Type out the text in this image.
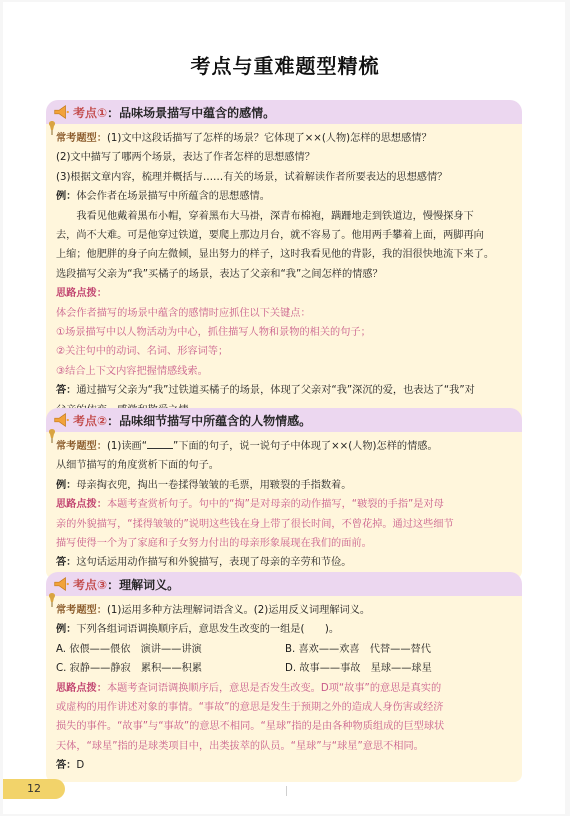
考点与重难题型精梳
考点①：品味场景描写中蕴含的感情。
常考题型：(1)文中这段话描写了怎样的场景？它体现了××(人物)怎样的思想感情？
(2)文中描写了哪两个场景，表达了作者怎样的思想感情？
(3)根据文章内容，梳理并概括与……有关的场景，试着解读作者所要表达的思想感情？
例：体会作者在场景描写中所蕴含的思想感情。
我看见他戴着黑布小帽，穿着黑布大马褂，深青布棉袍，蹒跚地走到铁道边，慢慢探身下
去，尚不大难。可是他穿过铁道，要爬上那边月台，就不容易了。他用两手攀着上面，两脚再向
上缩；他肥胖的身子向左微倾，显出努力的样子，这时我看见他的背影，我的泪很快地流下来了。
选段描写父亲为“我”买橘子的场景，表达了父亲和“我”之间怎样的情感？
思路点拨：
体会作者描写的场景中蕴含的感情时应抓住以下关键点：
①场景描写中以人物活动为中心，抓住描写人物和景物的相关的句子；
②关注句中的动词、名词、形容词等；
③结合上下文内容把握情感线索。
答：通过描写父亲为“我”过铁道买橘子的场景，体现了父亲对“我”深沉的爱，也表达了“我”对
考点②：品味细节描写中所蕴含的人物情感。
常考题型：(1)读画“	”下面的句子，说一说句子中体现了××(人物)怎样的情感。
从细节描写的角度赏析下面的句子。
例：母亲掏衣兜，掏出一卷揉得皱皱的毛票，用皲裂的手指数着。
思路点拨：本题考查赏析句子。句中的“掏”是对母亲的动作描写，“皲裂的手指”是对母
亲的外貌描写，“揉得皱皱的”说明这些钱在身上带了很长时间，不曾花掉。通过这些细节
描写使得一个为了家庭和子女努力付出的母亲形象展现在我们的面前。
答：这句话运用动作描写和外貌描写，表现了母亲的辛劳和节俭。
考点③：理解词义。
常考题型：(1)运用多种方法理解词语含义。(2)运用反义词理解词义。
例：下列各组词语调换顺序后，意思发生改变的一组是(　　)。
A. 依偎——偎依　演讲——讲演	B. 喜欢——欢喜　代替——替代
C. 寂静——静寂　累积——积累	D. 故事——事故　星球——球星
思路点拨：本题考查词语调换顺序后，意思是否发生改变。D项“故事”的意思是真实的
或虚构的用作讲述对象的事情。“事故”的意思是发生于预期之外的造成人身伤害或经济
损失的事件。“故事”与“事故”的意思不相同。“星球”指的是由各种物质组成的巨型球状
天体，“球星”指的是球类项目中，出类拔萃的队员。“星球”与“球星”意思不相同。
答：D
12
